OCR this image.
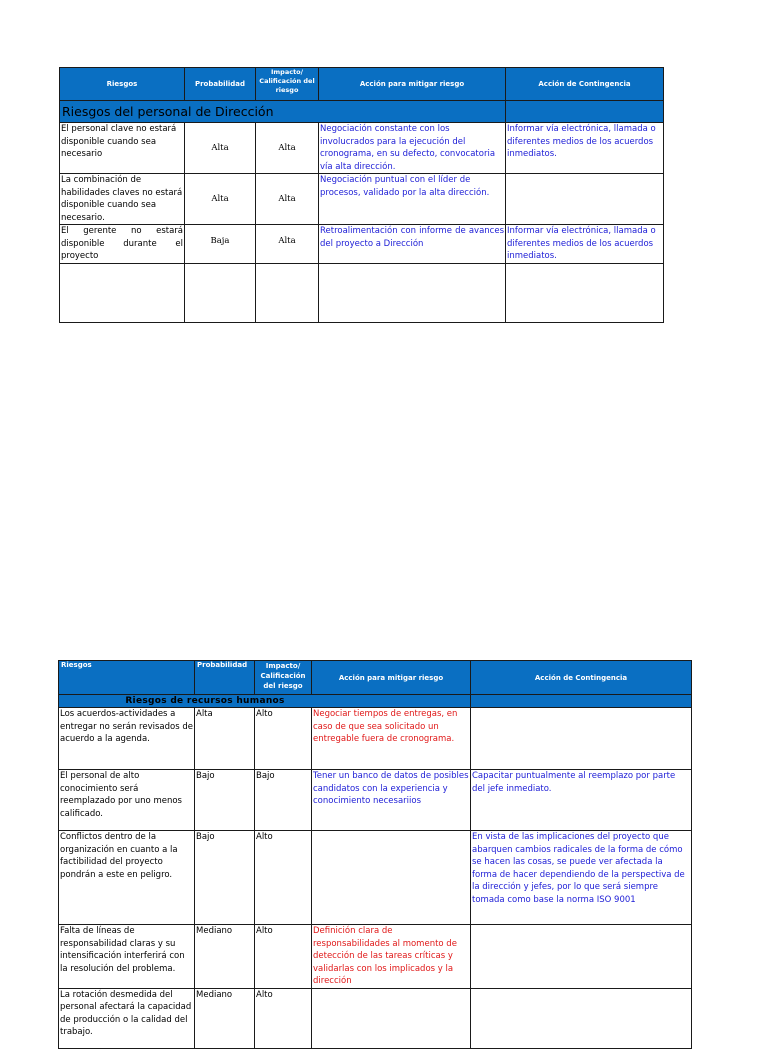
Riesgos	Probabilidad	Impacto/ Calificación del riesgo	Acción para mitigar riesgo	Acción de Contingencia
Riesgos del personal de Dirección				
El personal clave no estará disponible cuando sea necesario	Alta	Alta	Negociación constante con los involucrados para la ejecución del cronograma, en su defecto, convocatoria vía alta dirección.	Informar vía electrónica, llamada o diferentes medios de los acuerdos inmediatos.
La combinación de habilidades claves no estará disponible cuando sea necesario.	Alta	Alta	Negociación puntual con el líder de procesos, validado por la alta dirección.	
El gerente no estará disponible durante el proyecto	Baja	Alta	Retroalimentación con informe de avances del proyecto a Dirección	Informar vía electrónica, llamada o diferentes medios de los acuerdos inmediatos.

Riesgos	Probabilidad	Impacto/ Calificación del riesgo	Acción para mitigar riesgo	Acción de Contingencia
Riesgos de recursos humanos				
Los acuerdos-actividades a entregar no serán revisados de acuerdo a la agenda.	Alta	Alto	Negociar tiempos de entregas, en caso de que sea solicitado un entregable fuera de cronograma.	
El personal de alto conocimiento será reemplazado por uno menos calificado.	Bajo	Bajo	Tener un banco de datos de posibles candidatos con la experiencia y conocimiento necesariios	Capacitar puntualmente al reemplazo por parte del jefe inmediato.
Conflictos dentro de la organización en cuanto a la factibilidad del proyecto pondrán a este en peligro.	Bajo	Alto		En vista de las implicaciones del proyecto que abarquen cambios radicales de la forma de cómo se hacen las cosas, se puede ver afectada la forma de hacer dependiendo de la perspectiva de la dirección y jefes, por lo que será siempre tomada como base la norma ISO 9001
Falta de líneas de responsabilidad claras y su intensificación interferirá con la resolución del problema.	Mediano	Alto	Definición clara de responsabilidades al momento de detección de las tareas críticas y validarlas con los implicados y la dirección	
La rotación desmedida del personal afectará la capacidad de producción o la calidad del trabajo.	Mediano	Alto		
